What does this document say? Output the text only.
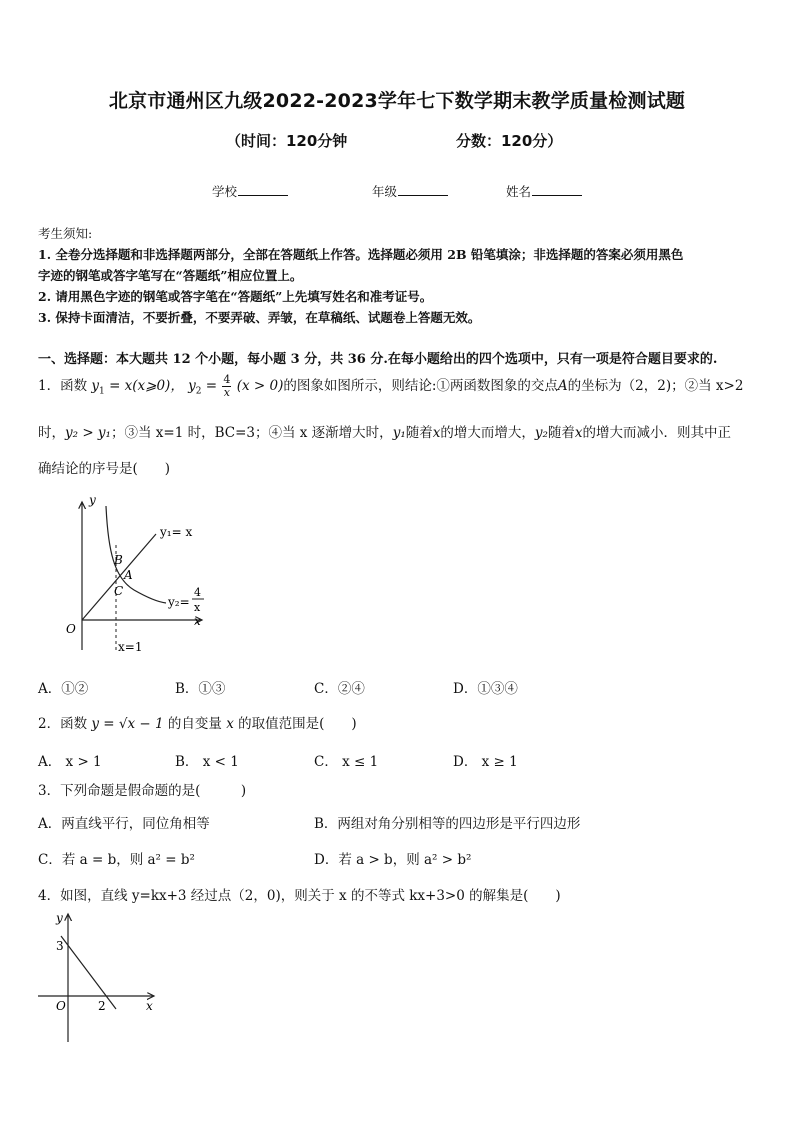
北京市通州区九级2022-2023学年七下数学期末教学质量检测试题
（时间：120分钟	分数：120分）
学校	年级	姓名
考生须知:
1. 全卷分选择题和非选择题两部分，全部在答题纸上作答。选择题必须用 2B 铅笔填涂；非选择题的答案必须用黑色
字迹的钢笔或答字笔写在“答题纸”相应位置上。
2. 请用黑色字迹的钢笔或答字笔在“答题纸”上先填写姓名和准考证号。
3. 保持卡面清洁，不要折叠，不要弄破、弄皱，在草稿纸、试题卷上答题无效。
一、选择题：本大题共 12 个小题，每小题 3 分，共 36 分.在每小题给出的四个选项中，只有一项是符合题目要求的.
1．函数 $y_1$ = x(x⩾0)， $y_2 = \frac{4}{x} (x > 0)$的图象如图所示，则结论:①两函数图象的交点A的坐标为（2，2)；②当 x>2
时，y₂ > y₁；③当 x=1 时，BC=3；④当 x 逐渐增大时，y₁随着x的增大而增大，y₂随着x的增大而减小．则其中正
确结论的序号是(　　)
y
x
O
y₁= x
y₂=
4
x
B
A
C
x=1
A．①②	B．①③	C．②④	D．①③④
2．函数 y = √x − 1 的自变量 x 的取值范围是(　　)
A． x > 1	B． x < 1	C． x ≤ 1	D． x ≥ 1
3．下列命题是假命题的是(　　　)
A．两直线平行，同位角相等	B．两组对角分别相等的四边形是平行四边形
C．若 a = b，则 a² = b²	D．若 a > b，则 a² > b²
4．如图，直线 y=kx+3 经过点（2，0)，则关于 x 的不等式 kx+3>0 的解集是(　　)
y
x
O
3
2
